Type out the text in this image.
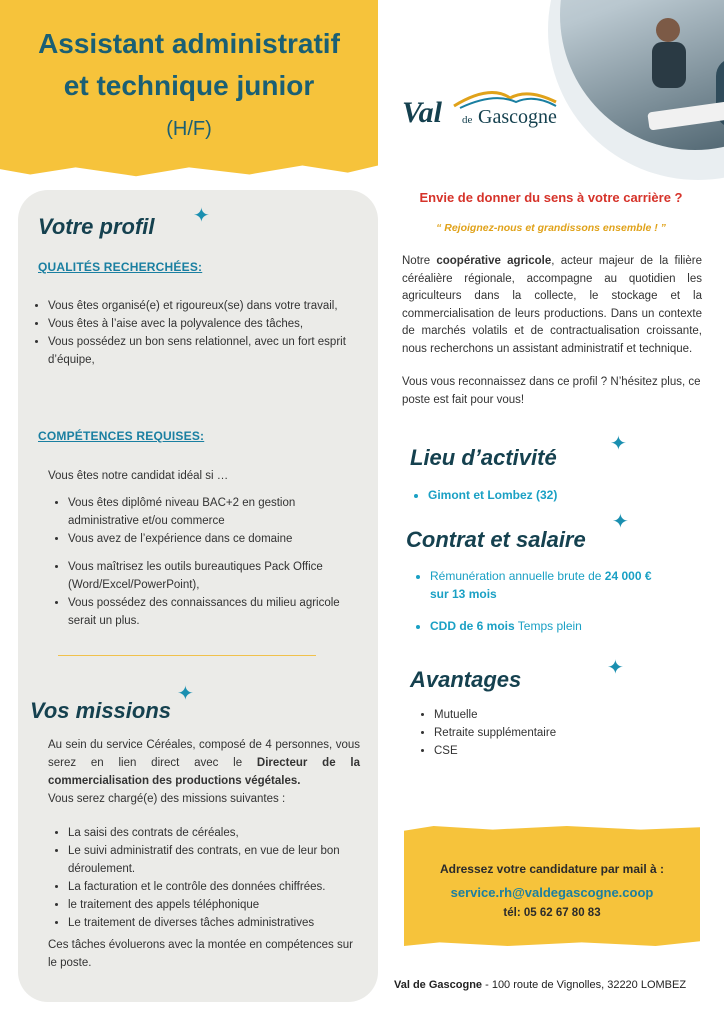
Assistant administratif
et technique junior
(H/F)	Val de Gascogne
Votre profil ✦
QUALITÉS RECHERCHÉES:
• Vous êtes organisé(e) et rigoureux(se) dans votre travail,
• Vous êtes à l’aise avec la polyvalence des tâches,
• Vous possédez un bon sens relationnel, avec un fort esprit d’équipe,
COMPÉTENCES REQUISES:
Vous êtes notre candidat idéal si …
• Vous êtes diplômé niveau BAC+2 en gestion administrative et/ou commerce
• Vous avez de l’expérience dans ce domaine
• Vous maîtrisez les outils bureautiques Pack Office (Word/Excel/PowerPoint),
• Vous possédez des connaissances du milieu agricole serait un plus.
✦
Vos missions
Au sein du service Céréales, composé de 4 personnes, vous serez en lien direct avec le Directeur de la commercialisation des productions végétales.
Vous serez chargé(e) des missions suivantes :
• La saisi des contrats de céréales,
• Le suivi administratif des contrats, en vue de leur bon déroulement.
• La facturation et le contrôle des données chiffrées.
• le traitement des appels téléphonique
• Le traitement de diverses tâches administratives
Ces tâches évoluerons avec la montée en compétences sur le poste.
Envie de donner du sens à votre carrière ?
“ Rejoignez-nous et grandissons ensemble ! ”
Notre coopérative agricole, acteur majeur de la filière céréalière régionale, accompagne au quotidien les agriculteurs dans la collecte, le stockage et la commercialisation de leurs productions. Dans un contexte de marchés volatils et de contractualisation croissante, nous recherchons un assistant administratif et technique.
Vous vous reconnaissez dans ce profil ? N’hésitez plus, ce poste est fait pour vous!
✦
Lieu d’activité
• Gimont et Lombez (32)
✦
Contrat et salaire
• Rémunération annuelle brute de 24 000 €
sur 13 mois
• CDD de 6 mois Temps plein
✦
Avantages
• Mutuelle
• Retraite supplémentaire
• CSE
Adressez votre candidature par mail à :
service.rh@valdegascogne.coop
tél: 05 62 67 80 83
Val de Gascogne - 100 route de Vignolles, 32220 LOMBEZ
